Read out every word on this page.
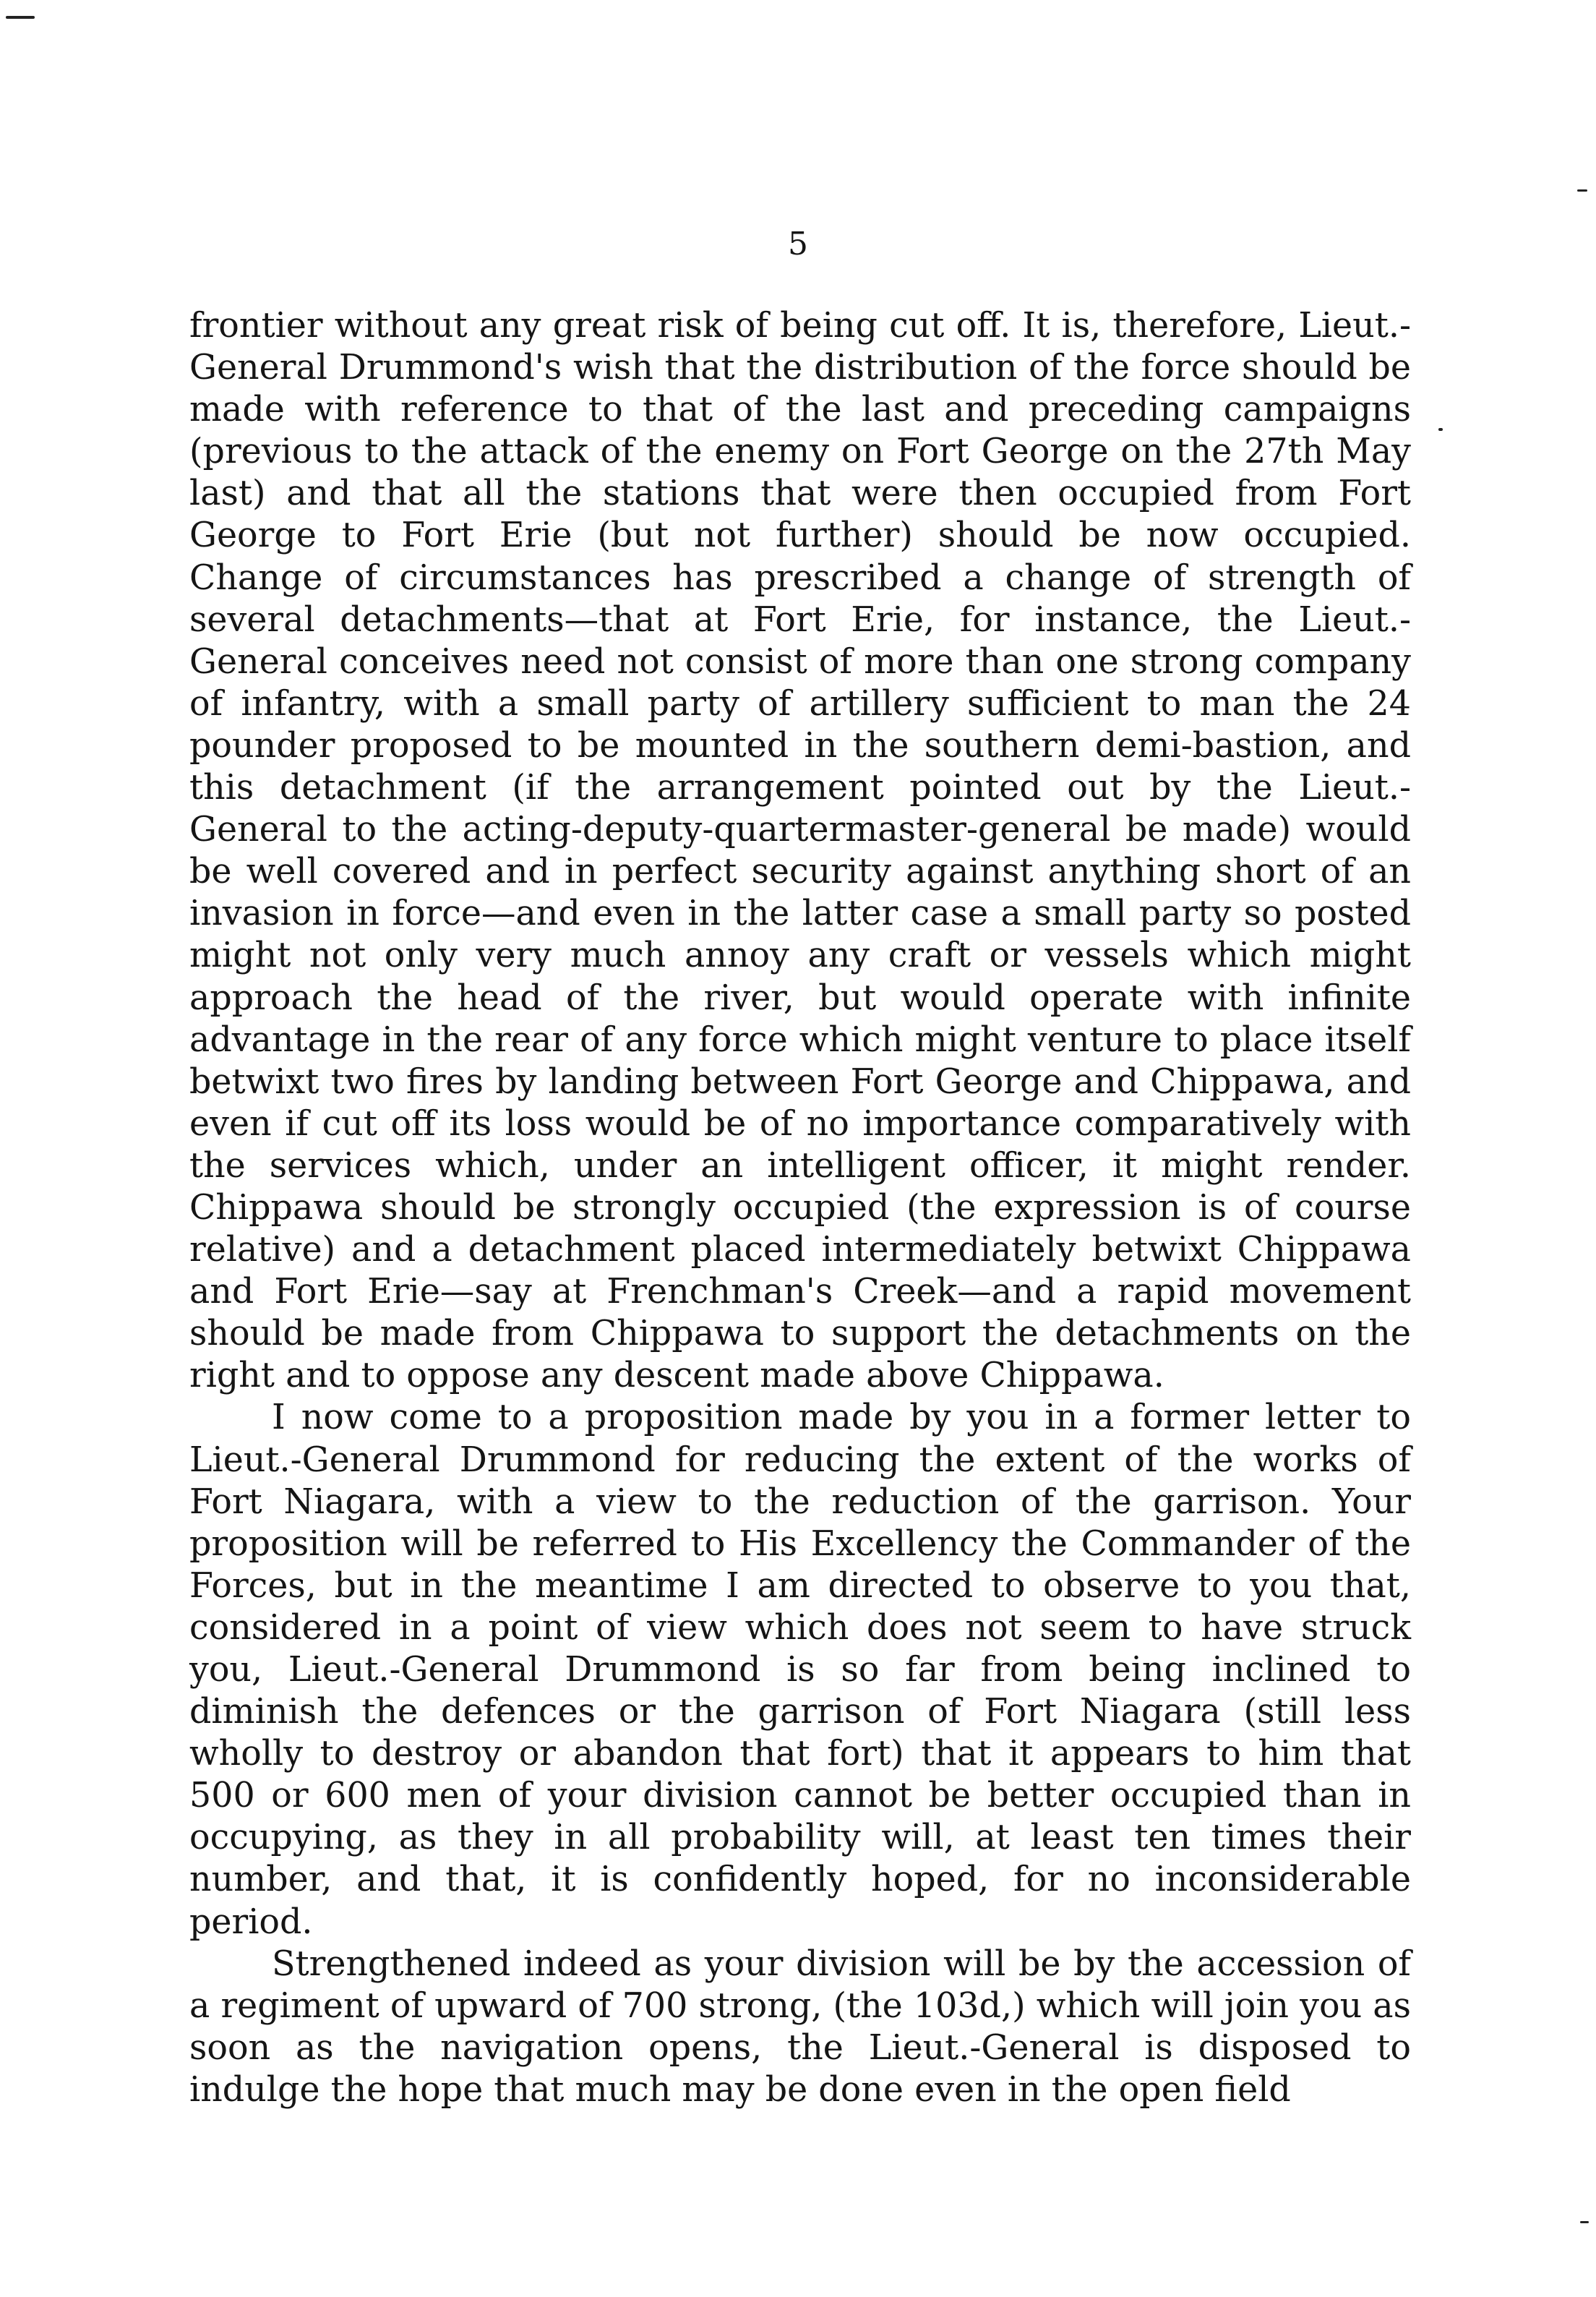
5

frontier without any great risk of being cut off. It is, therefore, Lieut.-General Drummond's wish that the distribution of the force should be made with reference to that of the last and preceding campaigns (previous to the attack of the enemy on Fort George on the 27th May last) and that all the stations that were then occupied from Fort George to Fort Erie (but not further) should be now occupied. Change of circumstances has prescribed a change of strength of several detachments—that at Fort Erie, for instance, the Lieut.-General conceives need not consist of more than one strong company of infantry, with a small party of artillery sufficient to man the 24 pounder proposed to be mounted in the southern demi-bastion, and this detachment (if the arrangement pointed out by the Lieut.-General to the acting-deputy-quartermaster-general be made) would be well covered and in perfect security against anything short of an invasion in force—and even in the latter case a small party so posted might not only very much annoy any craft or vessels which might approach the head of the river, but would operate with infinite advantage in the rear of any force which might venture to place itself betwixt two fires by landing between Fort George and Chippawa, and even if cut off its loss would be of no importance comparatively with the services which, under an intelligent officer, it might render. Chippawa should be strongly occupied (the expression is of course relative) and a detachment placed intermediately betwixt Chippawa and Fort Erie—say at Frenchman's Creek—and a rapid movement should be made from Chippawa to support the detachments on the right and to oppose any descent made above Chippawa.

I now come to a proposition made by you in a former letter to Lieut.-General Drummond for reducing the extent of the works of Fort Niagara, with a view to the reduction of the garrison. Your proposition will be referred to His Excellency the Commander of the Forces, but in the meantime I am directed to observe to you that, considered in a point of view which does not seem to have struck you, Lieut.-General Drummond is so far from being inclined to diminish the defences or the garrison of Fort Niagara (still less wholly to destroy or abandon that fort) that it appears to him that 500 or 600 men of your division cannot be better occupied than in occupying, as they in all probability will, at least ten times their number, and that, it is confidently hoped, for no inconsiderable period.

Strengthened indeed as your division will be by the accession of a regiment of upward of 700 strong, (the 103d,) which will join you as soon as the navigation opens, the Lieut.-General is disposed to indulge the hope that much may be done even in the open field
